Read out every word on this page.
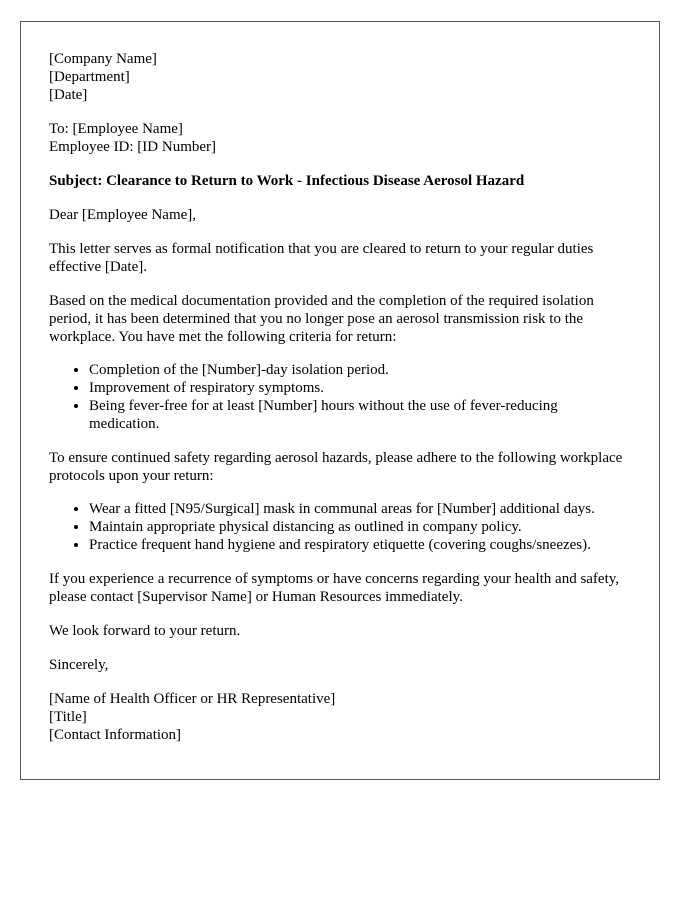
[Company Name]
[Department]
[Date]
To: [Employee Name]
Employee ID: [ID Number]

Subject: Clearance to Return to Work - Infectious Disease Aerosol Hazard

Dear [Employee Name],

This letter serves as formal notification that you are cleared to return to your regular duties effective [Date].

Based on the medical documentation provided and the completion of the required isolation period, it has been determined that you no longer pose an aerosol transmission risk to the workplace. You have met the following criteria for return:

• Completion of the [Number]-day isolation period.
• Improvement of respiratory symptoms.
• Being fever-free for at least [Number] hours without the use of fever-reducing medication.

To ensure continued safety regarding aerosol hazards, please adhere to the following workplace protocols upon your return:

• Wear a fitted [N95/Surgical] mask in communal areas for [Number] additional days.
• Maintain appropriate physical distancing as outlined in company policy.
• Practice frequent hand hygiene and respiratory etiquette (covering coughs/sneezes).

If you experience a recurrence of symptoms or have concerns regarding your health and safety, please contact [Supervisor Name] or Human Resources immediately.

We look forward to your return.

Sincerely,

[Name of Health Officer or HR Representative]
[Title]
[Contact Information]
